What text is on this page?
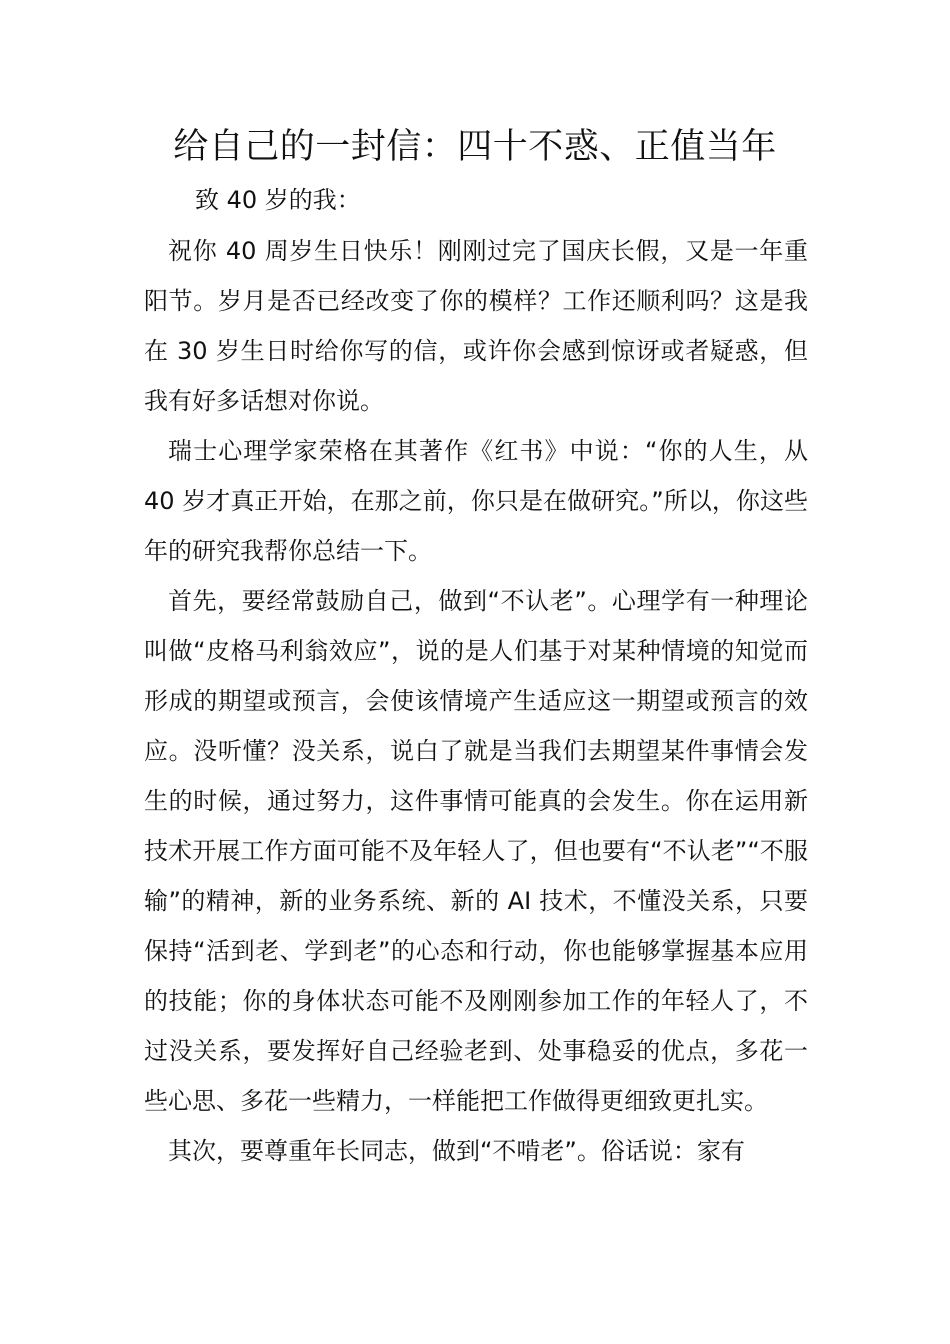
给自己的一封信：四十不惑、正值当年

致 40 岁的我：

祝你 40 周岁生日快乐！刚刚过完了国庆长假，又是一年重阳节。岁月是否已经改变了你的模样？工作还顺利吗？这是我在 30 岁生日时给你写的信，或许你会感到惊讶或者疑惑，但我有好多话想对你说。

瑞士心理学家荣格在其著作《红书》中说：“你的人生，从 40 岁才真正开始，在那之前，你只是在做研究。”所以，你这些年的研究我帮你总结一下。

首先，要经常鼓励自己，做到“不认老”。心理学有一种理论叫做“皮格马利翁效应”，说的是人们基于对某种情境的知觉而形成的期望或预言，会使该情境产生适应这一期望或预言的效应。没听懂？没关系，说白了就是当我们去期望某件事情会发生的时候，通过努力，这件事情可能真的会发生。你在运用新技术开展工作方面可能不及年轻人了，但也要有“不认老”“不服输”的精神，新的业务系统、新的 AI 技术，不懂没关系，只要保持“活到老、学到老”的心态和行动，你也能够掌握基本应用的技能；你的身体状态可能不及刚刚参加工作的年轻人了，不过没关系，要发挥好自己经验老到、处事稳妥的优点，多花一些心思、多花一些精力，一样能把工作做得更细致更扎实。

其次，要尊重年长同志，做到“不啃老”。俗话说：家有
